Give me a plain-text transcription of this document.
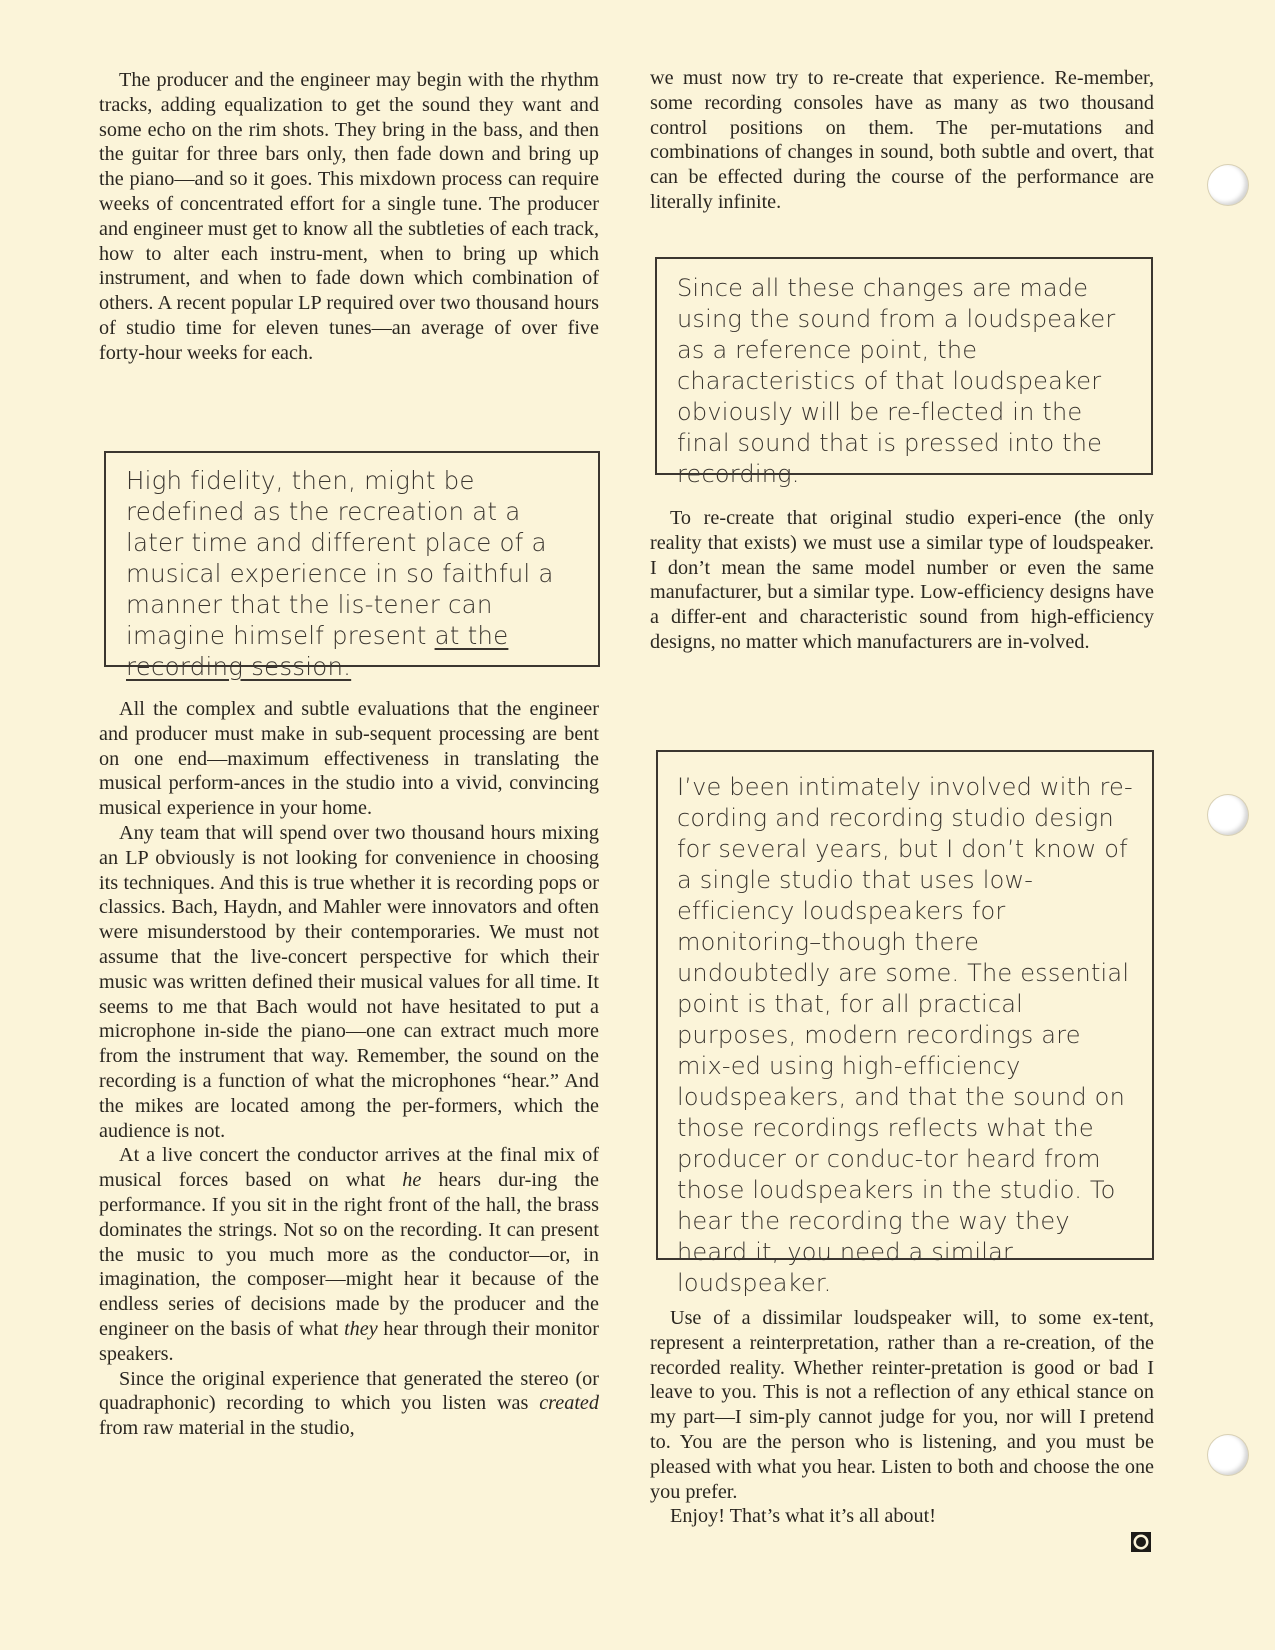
The producer and the engineer may begin with the rhythm tracks, adding equalization to get the sound they want and some echo on the rim shots. They bring in the bass, and then the guitar for three bars only, then fade down and bring up the piano—and so it goes. This mixdown process can require weeks of concentrated effort for a single tune. The producer and engineer must get to know all the subtleties of each track, how to alter each instru-ment, when to bring up which instrument, and when to fade down which combination of others. A recent popular LP required over two thousand hours of studio time for eleven tunes—an average of over five forty-hour weeks for each.

High fidelity, then, might be redefined as the recreation at a later time and different place of a musical experience in so faithful a manner that the lis-tener can imagine himself present at the recording session.

All the complex and subtle evaluations that the engineer and producer must make in sub-sequent processing are bent on one end—maximum effectiveness in translating the musical perform-ances in the studio into a vivid, convincing musical experience in your home.

Any team that will spend over two thousand hours mixing an LP obviously is not looking for convenience in choosing its techniques. And this is true whether it is recording pops or classics. Bach, Haydn, and Mahler were innovators and often were misunderstood by their contemporaries. We must not assume that the live-concert perspective for which their music was written defined their musical values for all time. It seems to me that Bach would not have hesitated to put a microphone in-side the piano—one can extract much more from the instrument that way. Remember, the sound on the recording is a function of what the microphones “hear.” And the mikes are located among the per-formers, which the audience is not.

At a live concert the conductor arrives at the final mix of musical forces based on what he hears dur-ing the performance. If you sit in the right front of the hall, the brass dominates the strings. Not so on the recording. It can present the music to you much more as the conductor—or, in imagination, the composer—might hear it because of the endless series of decisions made by the producer and the engineer on the basis of what they hear through their monitor speakers.

Since the original experience that generated the stereo (or quadraphonic) recording to which you listen was created from raw material in the studio,

we must now try to re-create that experience. Re-member, some recording consoles have as many as two thousand control positions on them. The per-mutations and combinations of changes in sound, both subtle and overt, that can be effected during the course of the performance are literally infinite.

Since all these changes are made using the sound from a loudspeaker as a reference point, the characteristics of that loudspeaker obviously will be re-flected in the final sound that is pressed into the recording.

To re-create that original studio experi-ence (the only reality that exists) we must use a similar type of loudspeaker. I don’t mean the same model number or even the same manufacturer, but a similar type. Low-efficiency designs have a differ-ent and characteristic sound from high-efficiency designs, no matter which manufacturers are in-volved.

I’ve been intimately involved with re-cording and recording studio design for several years, but I don’t know of a single studio that uses low-efficiency loudspeakers for monitoring–though there undoubtedly are some. The essential point is that, for all practical purposes, modern recordings are mix-ed using high-efficiency loudspeakers, and that the sound on those recordings reflects what the producer or conduc-tor heard from those loudspeakers in the studio. To hear the recording the way they heard it, you need a similar loudspeaker.

Use of a dissimilar loudspeaker will, to some ex-tent, represent a reinterpretation, rather than a re-creation, of the recorded reality. Whether reinter-pretation is good or bad I leave to you. This is not a reflection of any ethical stance on my part—I sim-ply cannot judge for you, nor will I pretend to. You are the person who is listening, and you must be pleased with what you hear. Listen to both and choose the one you prefer.

Enjoy! That’s what it’s all about!
